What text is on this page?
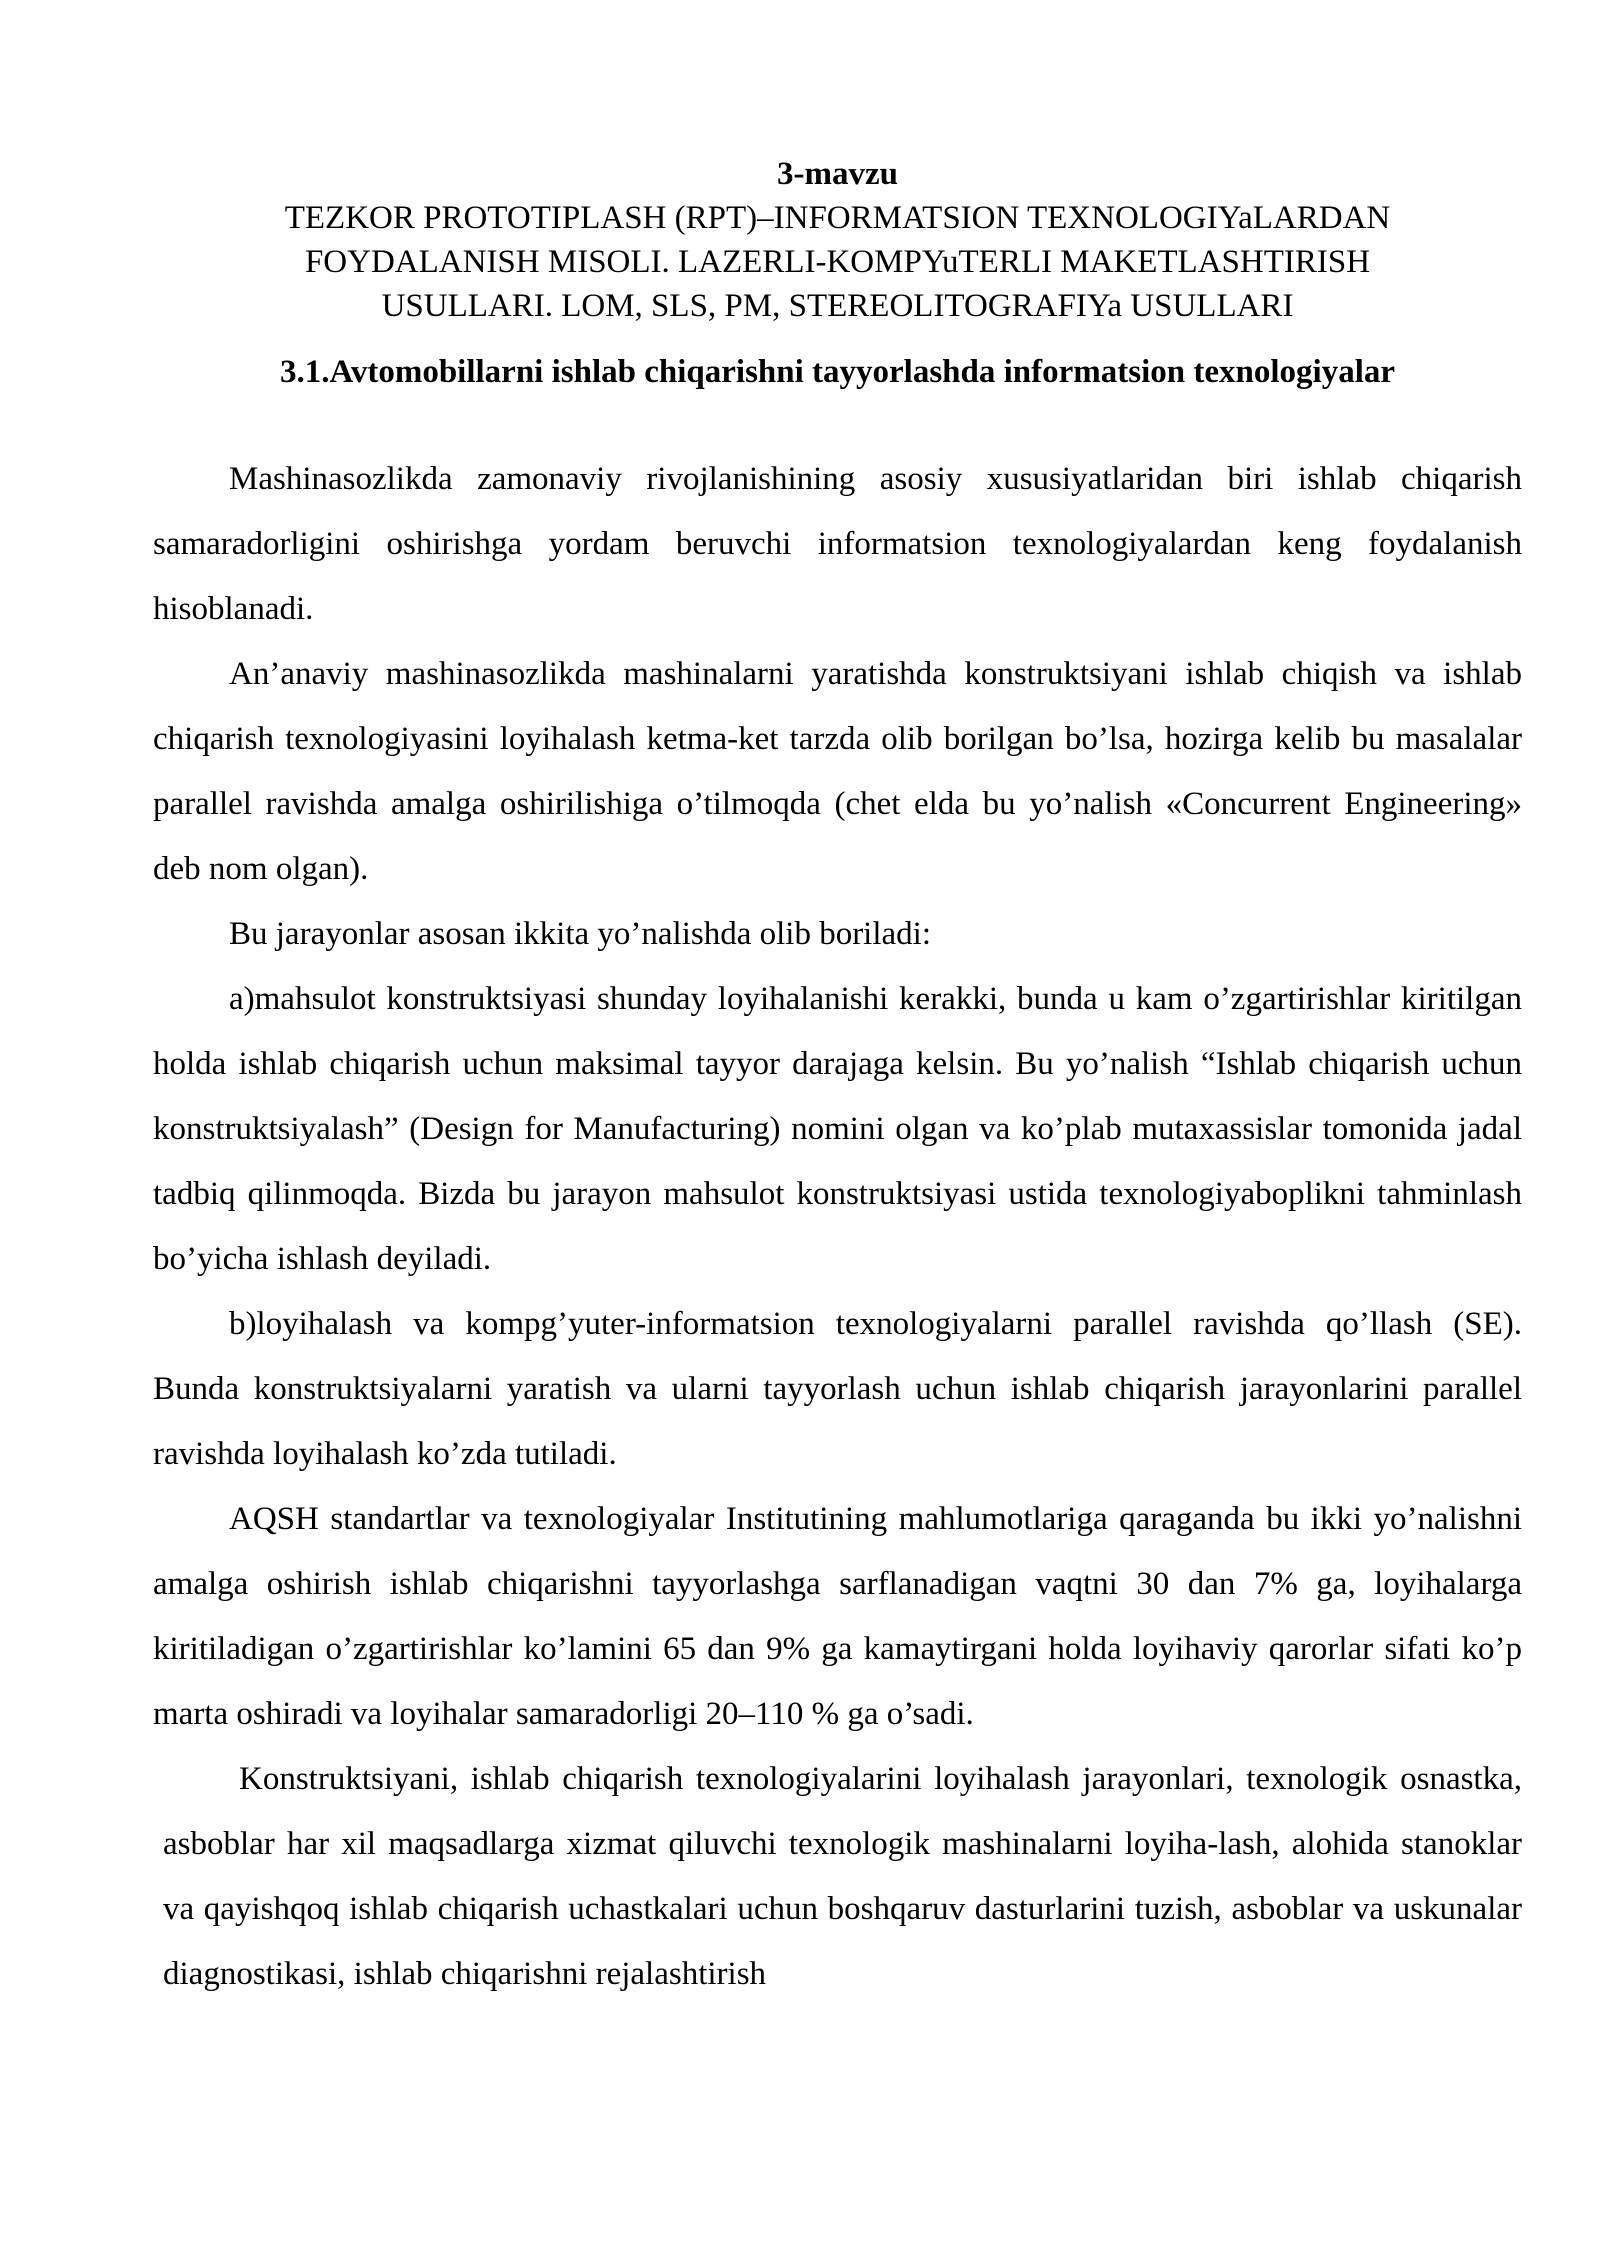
3-mavzu

TEZKOR PROTOTIPLASH (RPT)–INFORMATSION TEXNOLOGIYaLARDAN
FOYDALANISH MISOLI. LAZERLI-KOMPYuTERLI MAKETLASHTIRISH
USULLARI. LOM, SLS, PM, STEREOLITOGRAFIYa USULLARI

3.1.Avtomobillarni ishlab chiqarishni tayyorlashda informatsion texnologiyalar

Mashinasozlikda zamonaviy rivojlanishining asosiy xususiyatlaridan biri ishlab chiqarish samaradorligini oshirishga yordam beruvchi informatsion texnologiyalardan keng foydalanish hisoblanadi.

An’anaviy mashinasozlikda mashinalarni yaratishda konstruktsiyani ishlab chiqish va ishlab chiqarish texnologiyasini loyihalash ketma-ket tarzda olib borilgan bo’lsa, hozirga kelib bu masalalar parallel ravishda amalga oshirilishiga o’tilmoqda (chet elda bu yo’nalish «Concurrent Engineering» deb nom olgan).

Bu jarayonlar asosan ikkita yo’nalishda olib boriladi:

a)mahsulot konstruktsiyasi shunday loyihalanishi kerakki, bunda u kam o’zgartirishlar kiritilgan holda ishlab chiqarish uchun maksimal tayyor darajaga kelsin. Bu yo’nalish “Ishlab chiqarish uchun konstruktsiyalash” (Design for Manufacturing) nomini olgan va ko’plab mutaxassislar tomonida jadal tadbiq qilinmoqda. Bizda bu jarayon mahsulot konstruktsiyasi ustida texnologiyaboplikni tahminlash bo’yicha ishlash deyiladi.

b)loyihalash va kompg’yuter-informatsion texnologiyalarni parallel ravishda qo’llash (SE). Bunda konstruktsiyalarni yaratish va ularni tayyorlash uchun ishlab chiqarish jarayonlarini parallel ravishda loyihalash ko’zda tutiladi.

AQSH standartlar va texnologiyalar Institutining mahlumotlariga qaraganda bu ikki yo’nalishni amalga oshirish ishlab chiqarishni tayyorlashga sarflanadigan vaqtni 30 dan 7% ga, loyihalarga kiritiladigan o’zgartirishlar ko’lamini 65 dan 9% ga kamaytirgani holda loyihaviy qarorlar sifati ko’p marta oshiradi va loyihalar samaradorligi 20–110 % ga o’sadi.

Konstruktsiyani, ishlab chiqarish texnologiyalarini loyihalash jarayonlari, texnologik osnastka, asboblar har xil maqsadlarga xizmat qiluvchi texnologik mashinalarni loyiha-lash, alohida stanoklar va qayishqoq ishlab chiqarish uchastkalari uchun boshqaruv dasturlarini tuzish, asboblar va uskunalar diagnostikasi, ishlab chiqarishni rejalashtirish
